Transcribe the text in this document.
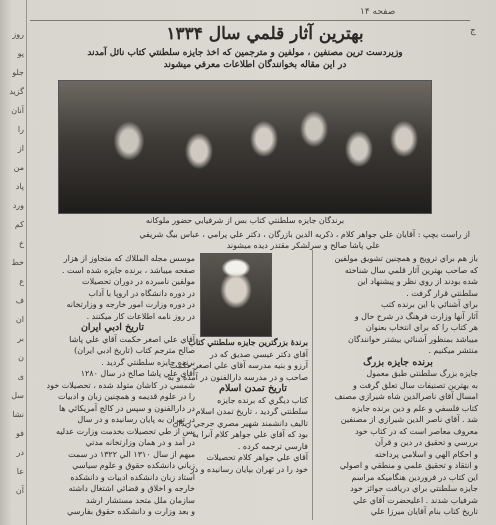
روز
پو
جلو
گزيد
آنان
را
از
من
پاد
ورد
كم
خ
خط
ع
ف
ان
بر
ن
ی
سل
نشا
فو
در
عا
آن
صفحه ۱۴
ج
بهترين آثار قلمي سال ۱۳۳۴
وزيردست ترين مصنفين ، مولفين و مترجمين كه اخذ جايزه سلطنتي كتاب نائل آمدند
در اين مقاله بخوانندگان اطلاعات معرفي ميشوند
برندگان جايزه سلطنتي كتاب بس از شرفيابي حضور ملوكانه
از راست بچپ : آقايان علي جواهر كلام ، ذكريه الدين بازرگان ، دكتر علي پرامي ، عباس بيگ شريفي
علي پاشا صالح و سرلشكر مقتدر ديده ميشوند
موسس مجله المللاك كه متجاوز از هزار
صفحه ميباشد ، برنده جايزه شده است .
مولفين نامبرده در دوران تحصيلات
در دوره دانشگاه در اروپا با آداب
در دوره وزارت امور خارجه و وزارتخانه
در روز نامه اطلاعات كار ميكنند .
تاريخ ادبي ايران
آقاي علي اصغر حكمت آقاي علي پاشا
صالح مترجم كتاب (تاريخ ادبي ايران)
برنده جايزه سلطنتي گرديد .
آقاي علي پاشا صالح در سال ۱۲۸۰
شمسي در كاشان متولد شده ، تحصيلات خود
را در علوم قديمه و همچنين زبان و ادبيات
در دارالفنون و سپس در كالج آمريكائي ها
در تهران به پايان رسانيده و در سال
پس از طي تحصيلات بخدمت وزارت عدليه
در آمد و در همان وزارتخانه مدتي
ميهم از سال ۱۳۱۰ الي ۱۳۲۲ در سمت
زباني دانشكده حقوق و علوم سياسي
استاد زبان دانشكده ادبيات و دانشكده
خارجه و اخلاق و قضائي اشتغال داشته
سازمان ملل متحد مستشار ارشد
و بعد وزارت و دانشكده حقوق بفارسي
آقاي دكتر عيسي صديق كه در
آرزو و بنيه مدرسه آقاي علي اصغر حكمت
صاحب و در مدرسه دارالفنون در آمده و به
تاريخ تمدن اسلام
كتاب ديگري كه برنده جايزه
سلطنتي گرديد ، تاريخ تمدن اسلام
تاليف دانشمند شهير مصري جرجي زيدان
بود كه آقاي علي جواهر كلام آنرا به
فارسي ترجمه كرده .
آقاي علي جواهر كلام تحصيلات
خود را در تهران بپايان رسانيده و در
باز هم براي ترويج و همچنين تشويق مولفين
كه صاحب بهترين آثار قلمي سال شناخته
شده بودند از روي نظر و پيشنهاد اين
سلطنتي قرار گرفت .
براي آشنائي با اين برنده كتب
آثار آنها وزارت فرهنگ در شرح حال و
هر كتاب را كه براي انتخاب بعنوان
ميباشد بمنظور آشنائي بيشتر خوانندگان
منتشر ميكنيم .
برنده جايزه بزرگ
جايزه بزرگ سلطنتي طبق معمول
به بهترين تصنيفات سال تعلق گرفت و
امسال آقاي ناصرالدين شاه شيرازي مصنف
كتاب فلسفي و علم و دين برنده جايزه
شد . آقاي ناصر الدين شيرازي از مصنفين
معروف معاصر است كه در كتاب خود
بررسي و تحقيق در دين و قرآن
و احكام الهي و اسلامي پرداخته
و انتقاد و تحقيق علمي و منطقي و اصولي
اين كتاب در فروردين هنگاميكه مراسم
جايزه سلطنتي براي دريافت جوائز خود
شرفياب شدند . اعليحضرت آقاي علي
تاريخ كتاب بنام آقايان ميرزا علي
برندهٔ بزرگترين جايزه سلطنتي كتاب
